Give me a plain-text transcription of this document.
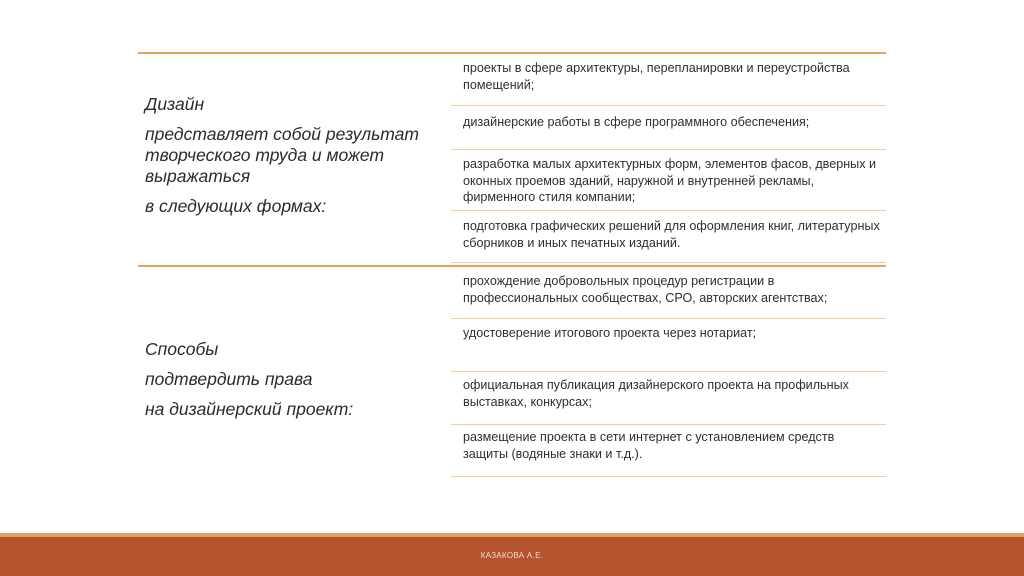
Дизайн

представляет собой результат творческого труда и может выражаться

в следующих формах:

проекты в сфере архитектуры, перепланировки и переустройства помещений;
дизайнерские работы в сфере программного обеспечения;
разработка малых архитектурных форм, элементов фасов, дверных и оконных проемов зданий, наружной и внутренней рекламы, фирменного стиля компании;
подготовка графических решений для оформления книг, литературных сборников и иных печатных изданий.

Способы

подтвердить права

на дизайнерский проект:

прохождение добровольных процедур регистрации в профессиональных сообществах, СРО, авторских агентствах;
удостоверение итогового проекта через нотариат;
официальная публикация дизайнерского проекта на профильных выставках, конкурсах;
размещение проекта в сети интернет с установлением средств защиты (водяные знаки и т.д.).
КАЗАКОВА А.Е.
